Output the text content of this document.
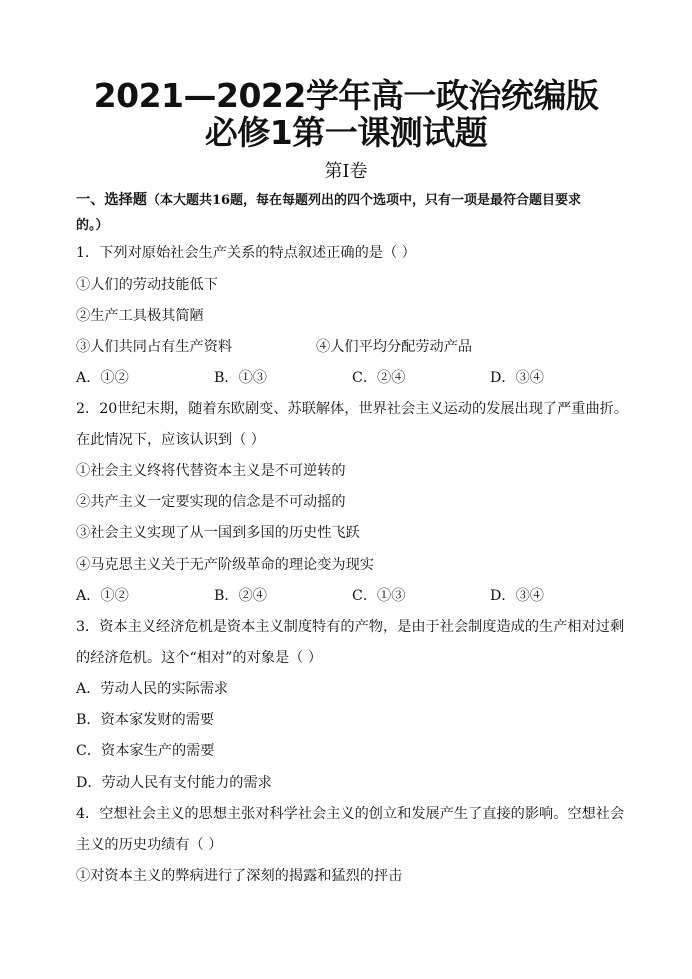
2021—2022学年高一政治统编版
必修1第一课测试题
第Ⅰ卷
一、选择题（本大题共16题，每在每题列出的四个选项中，只有一项是最符合题目要求
的。）
1．下列对原始社会生产关系的特点叙述正确的是（ ）
①人们的劳动技能低下
②生产工具极其简陋
③人们共同占有生产资料	④人们平均分配劳动产品
A．①②	B．①③	C．②④	D．③④
2．20世纪末期，随着东欧剧变、苏联解体，世界社会主义运动的发展出现了严重曲折。
在此情况下，应该认识到（ ）
①社会主义终将代替资本主义是不可逆转的
②共产主义一定要实现的信念是不可动摇的
③社会主义实现了从一国到多国的历史性飞跃
④马克思主义关于无产阶级革命的理论变为现实
A．①②	B．②④	C．①③	D．③④
3．资本主义经济危机是资本主义制度特有的产物，是由于社会制度造成的生产相对过剩
的经济危机。这个“相对”的对象是（ ）
A．劳动人民的实际需求
B．资本家发财的需要
C．资本家生产的需要
D．劳动人民有支付能力的需求
4．空想社会主义的思想主张对科学社会主义的创立和发展产生了直接的影响。空想社会
主义的历史功绩有（ ）
①对资本主义的弊病进行了深刻的揭露和猛烈的抨击
